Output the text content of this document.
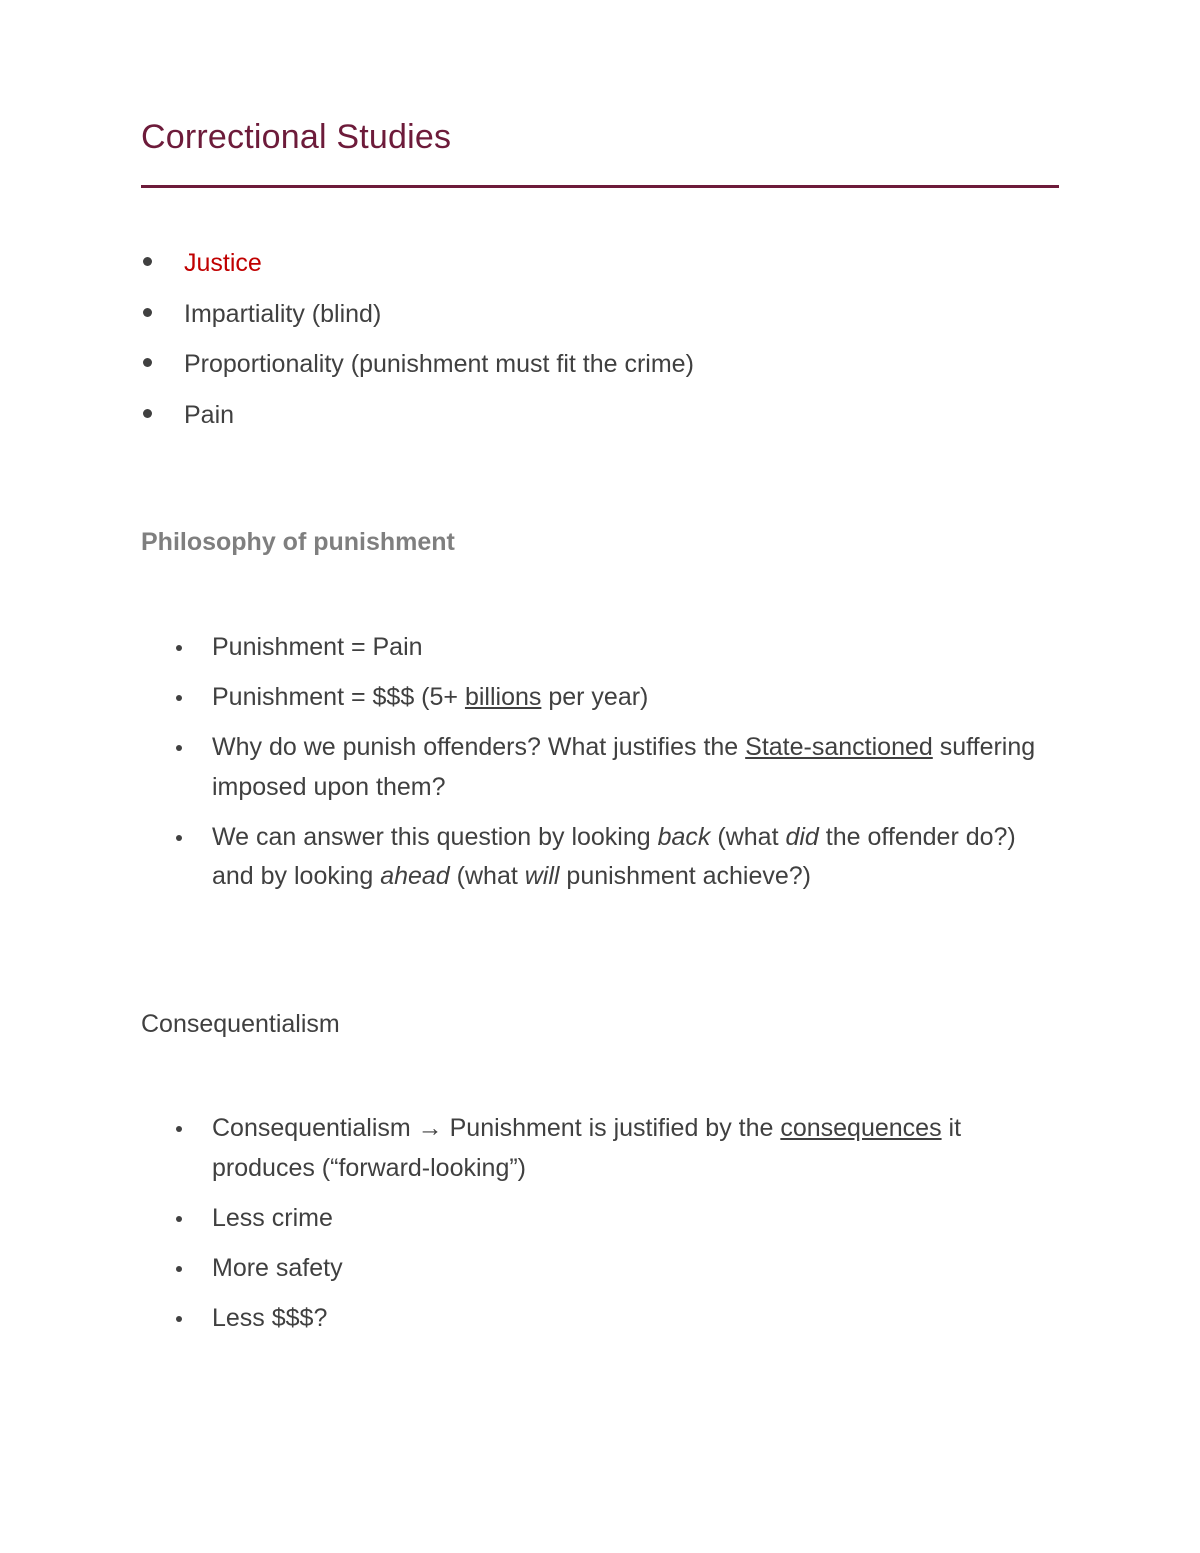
Correctional Studies
Justice
Impartiality (blind)
Proportionality (punishment must fit the crime)
Pain
Philosophy of punishment
Punishment = Pain
Punishment = $$$ (5+ billions per year)
Why do we punish offenders? What justifies the State-sanctioned suffering imposed upon them?
We can answer this question by looking back (what did the offender do?) and by looking ahead (what will punishment achieve?)
Consequentialism
Consequentialism → Punishment is justified by the consequences it produces (“forward-looking”)
Less crime
More safety
Less $$$?
